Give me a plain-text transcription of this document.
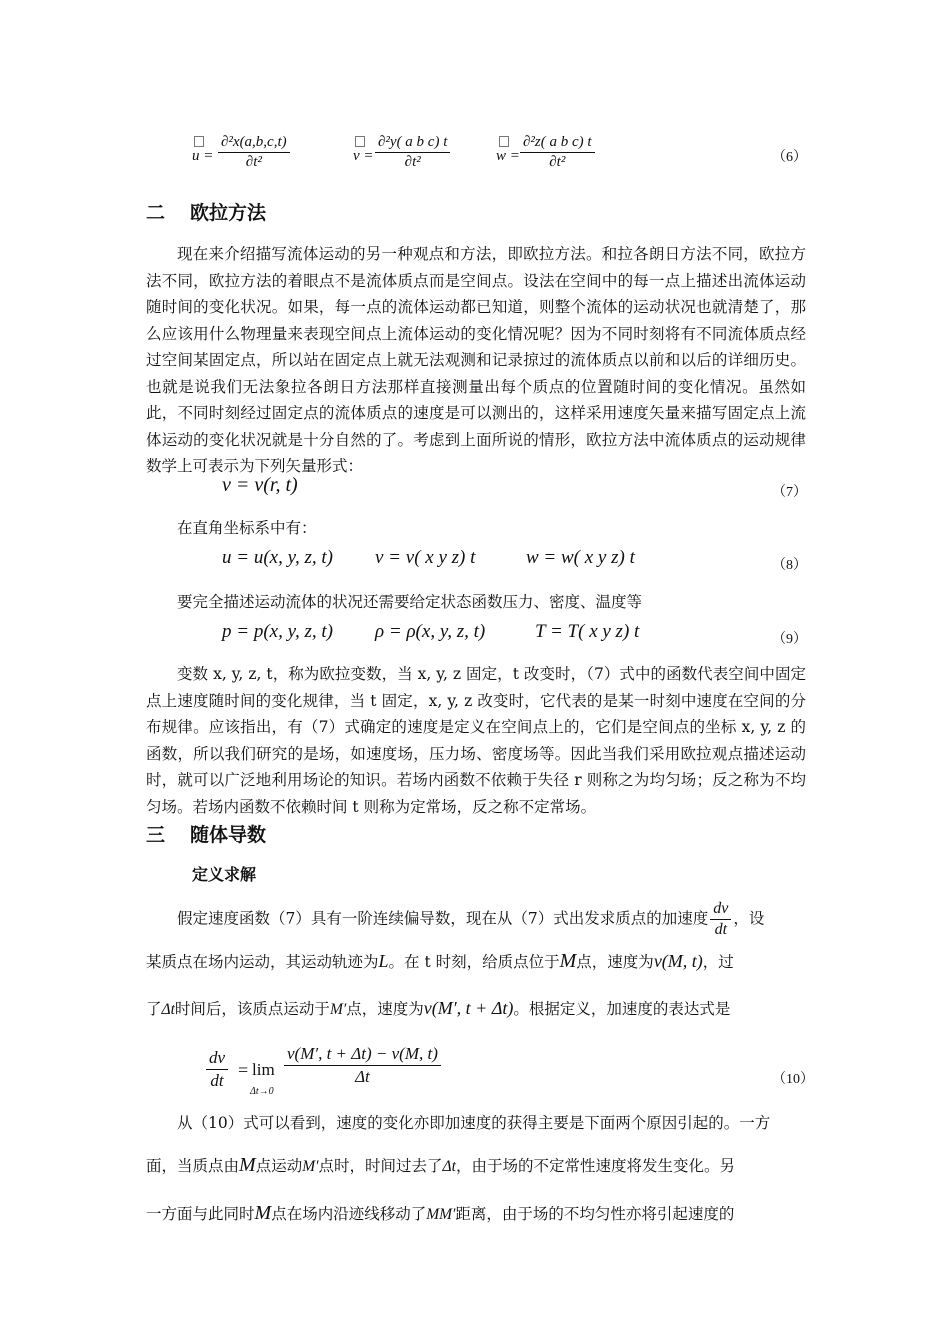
$u = \frac{\text{∂²x(a,b,c,t)}}{\text{∂t²}}$	$v = \frac{\text{∂²y( a b c) t}}{\text{∂t²}}$	$w = \frac{\text{∂²z( a b c) t}}{\text{∂t²}}$	（6）
二 欧拉方法

现在来介绍描写流体运动的另一种观点和方法，即欧拉方法。和拉各朗日方法不同，欧拉方法不同，欧拉方法的着眼点不是流体质点而是空间点。设法在空间中的每一点上描述出流体运动随时间的变化状况。如果，每一点的流体运动都已知道，则整个流体的运动状况也就清楚了，那么应该用什么物理量来表现空间点上流体运动的变化情况呢？因为不同时刻将有不同流体质点经过空间某固定点，所以站在固定点上就无法观测和记录掠过的流体质点以前和以后的详细历史。也就是说我们无法象拉各朗日方法那样直接测量出每个质点的位置随时间的变化情况。虽然如此，不同时刻经过固定点的流体质点的速度是可以测出的，这样采用速度矢量来描写固定点上流体运动的变化状况就是十分自然的了。考虑到上面所说的情形，欧拉方法中流体质点的运动规律数学上可表示为下列矢量形式：

v = v(r, t)	（7）

在直角坐标系中有：

u = u(x, y, z, t) v = v( x y z) t	w = w( x y z) t	（8）

要完全描述运动流体的状况还需要给定状态函数压力、密度、温度等

p = p(x, y, z, t) ρ = ρ(x, y, z, t)	T = T( x y z) t	（9）

变数 x, y, z, t，称为欧拉变数，当 x, y, z 固定，t 改变时，（7）式中的函数代表空间中固定点上速度随时间的变化规律，当 t 固定，x, y, z 改变时，它代表的是某一时刻中速度在空间的分布规律。应该指出，有（7）式确定的速度是定义在空间点上的，它们是空间点的坐标 x, y, z 的函数，所以我们研究的是场，如速度场，压力场、密度场等。因此当我们采用欧拉观点描述运动时，就可以广泛地利用场论的知识。若场内函数不依赖于失径 r 则称之为均匀场；反之称为不均匀场。若场内函数不依赖时间 t 则称为定常场，反之称不定常场。

三 随体导数
定义求解
假定速度函数（7）具有一阶连续偏导数，现在从（7）式出发求质点的加速度 $\frac{dv}{dt}$ ，设
某质点在场内运动，其运动轨迹为L。在 t 时刻，给质点位于M点，速度为v(M, t)，过
了Δt时间后，该质点运动于M′点，速度为v(M′, t + Δt)。根据定义，加速度的表达式是
$\frac{dv}{dt} = \lim$
Δt→0
$\frac{v(M', t + \Delta t) - v(M, t)}{\Delta t}$	（10）
从（10）式可以看到，速度的变化亦即加速度的获得主要是下面两个原因引起的。一方
面，当质点由M点运动M′点时，时间过去了Δt，由于场的不定常性速度将发生变化。另
一方面与此同时M点在场内沿迹线移动了MM′距离，由于场的不均匀性亦将引起速度的
